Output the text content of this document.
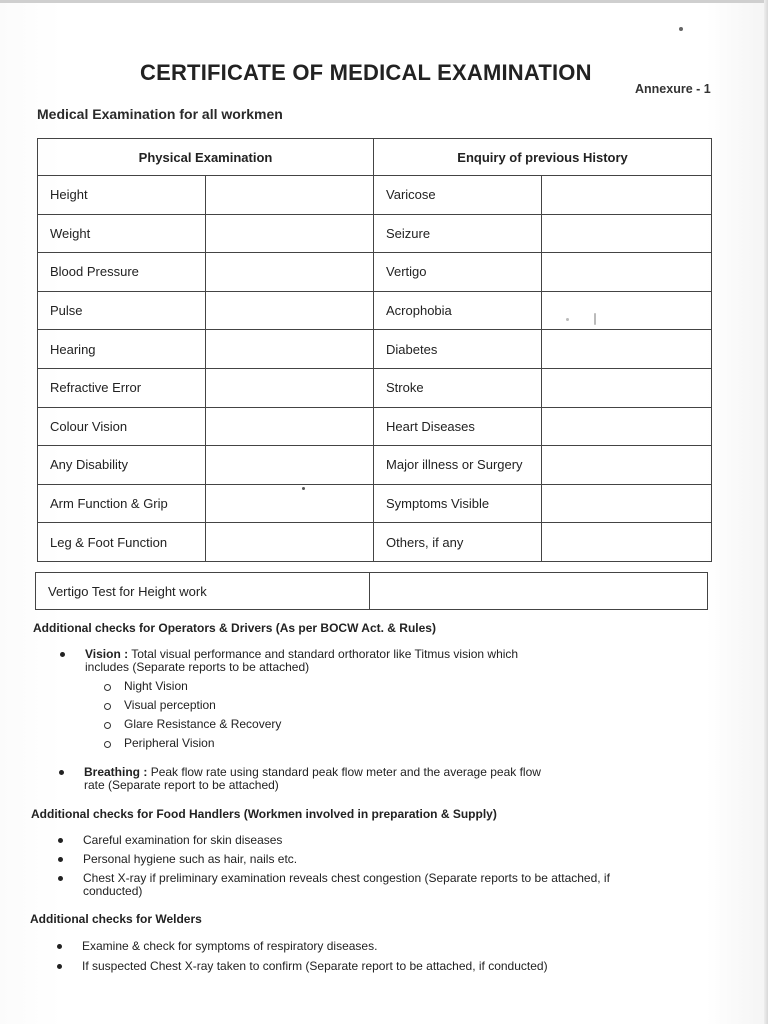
CERTIFICATE OF MEDICAL EXAMINATION
Annexure - 1
Medical Examination for all workmen
Physical Examination		Enquiry of previous History	
Height		Varicose	
Weight		Seizure	
Blood Pressure		Vertigo	
Pulse		Acrophobia	
Hearing		Diabetes	
Refractive Error		Stroke	
Colour Vision		Heart Diseases	
Any Disability		Major illness or Surgery	
Arm Function & Grip		Symptoms Visible	
Leg & Foot Function		Others, if any	
Vertigo Test for Height work	
Additional checks for Operators & Drivers (As per BOCW Act. & Rules)
Vision : Total visual performance and standard orthorator like Titmus vision which
includes (Separate reports to be attached)
Night Vision
Visual perception
Glare Resistance & Recovery
Peripheral Vision
Breathing : Peak flow rate using standard peak flow meter and the average peak flow
rate (Separate report to be attached)
Additional checks for Food Handlers (Workmen involved in preparation & Supply)
Careful examination for skin diseases
Personal hygiene such as hair, nails etc.
Chest X-ray if preliminary examination reveals chest congestion (Separate reports to be attached, if
conducted)
Additional checks for Welders
Examine & check for symptoms of respiratory diseases.
If suspected Chest X-ray taken to confirm (Separate report to be attached, if conducted)
